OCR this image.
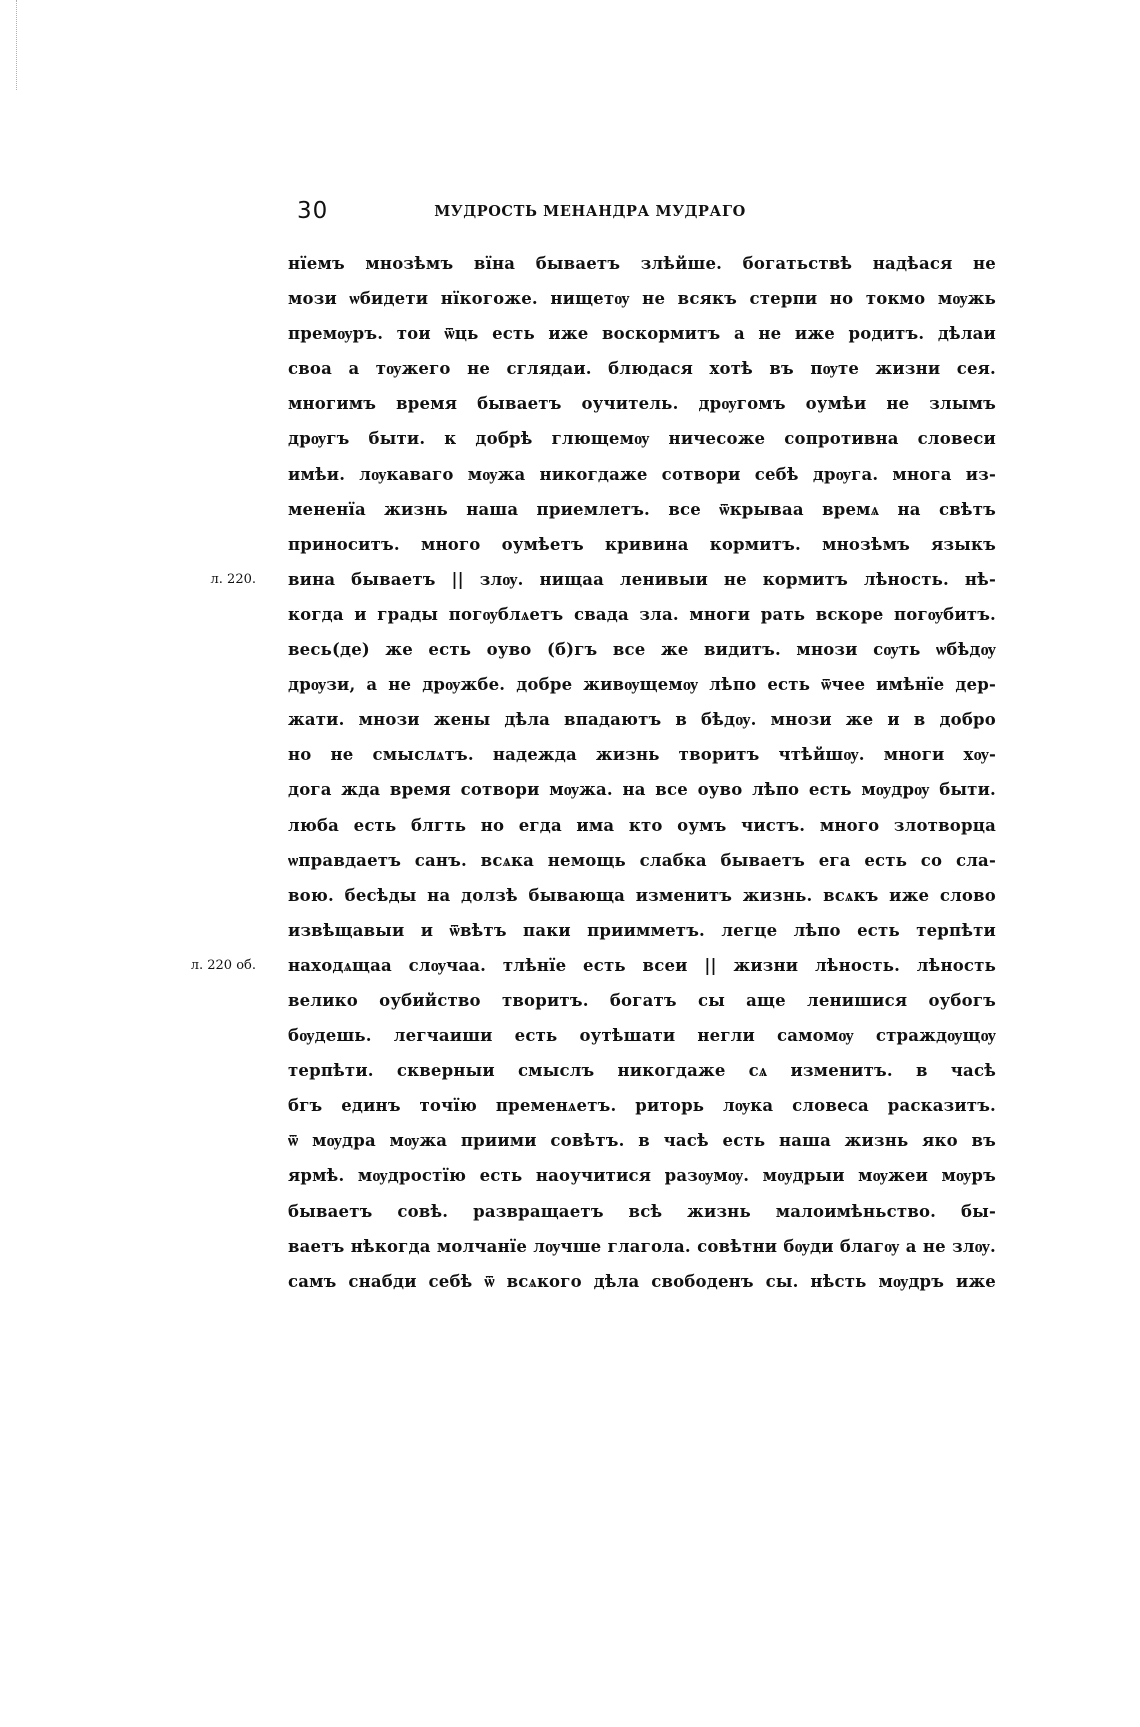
30	МУДРОСТЬ МЕНАНДРА МУДРАГО
нїемъ мнозѣмъ вїна бываетъ злѣйше. богатьствѣ надѣася не
мози ѡбидети нїкогоже. нищетѹ не всякъ стерпи но токмо мѹжь
премѹръ. тои ѿць есть иже воскормитъ а не иже родитъ. дѣлаи
своа а тѹжего не сглядаи. блюдася хотѣ въ пѹте жизни сея.
многимъ время бываетъ оучитель. дрѹгомъ оумѣи не злымъ
дрѹгъ быти. к добрѣ глющемѹ ничесоже сопротивна словеси
имѣи. лѹкаваго мѹжа никогдаже сотвори себѣ дрѹга. многа из-
мененїа жизнь наша приемлетъ. все ѿкрываа времѧ на свѣтъ
приноситъ. много оумѣетъ кривина кормитъ. мнозѣмъ языкъ
вина бываетъ || злѹ. нищаа ленивыи не кормитъ лѣность. нѣ-
л. 220.
когда и грады погѹблѧетъ свада зла. многи рать вскоре погѹбитъ.
весь(де) же есть оуво (б)гъ все же видитъ. мнози сѹть ѡбѣдѹ
дрѹзи, а не дрѹжбе. добре живѹщемѹ лѣпо есть ѿчее имѣнїе дер-
жати. мнози жены дѣла впадаютъ в бѣдѹ. мнози же и в добро
но не смыслѧтъ. надежда жизнь творитъ чтѣйшѹ. многи хѹ-
дога жда время сотвори мѹжа. на все оуво лѣпо есть мѹдрѹ быти.
люба есть блгть но егда има кто оумъ чистъ. много злотворца
ѡправдаетъ санъ. всѧка немощь слабка бываетъ ега есть со сла-
вою. бесѣды на долзѣ бывающа изменитъ жизнь. всѧкъ иже слово
извѣщавыи и ѿвѣтъ паки приимметъ. легце лѣпо есть терпѣти
находѧщаа слѹчаа. тлѣнїе есть всеи || жизни лѣность. лѣность
л. 220 об.
велико оубийство творитъ. богатъ сы аще ленишися оубогъ
бѹдешь. легчаиши есть оутѣшати негли самомѹ страждѹщѹ
терпѣти. скверныи смыслъ никогдаже сѧ изменитъ. в часѣ
бгъ единъ точїю пременѧетъ. риторь лѹка словеса расказитъ.
ѿ мѹдра мѹжа приими совѣтъ. в часѣ есть наша жизнь яко въ
ярмѣ. мѹдростїю есть наоучитися разѹмѹ. мѹдрыи мѹжеи мѹръ
бываетъ совѣ. развращаетъ всѣ жизнь малоимѣньство. бы-
ваетъ нѣкогда молчанїе лѹчше глагола. совѣтни бѹди благѹ а не злѹ.
самъ снабди себѣ ѿ всѧкого дѣла свободенъ сы. нѣсть мѹдръ иже
